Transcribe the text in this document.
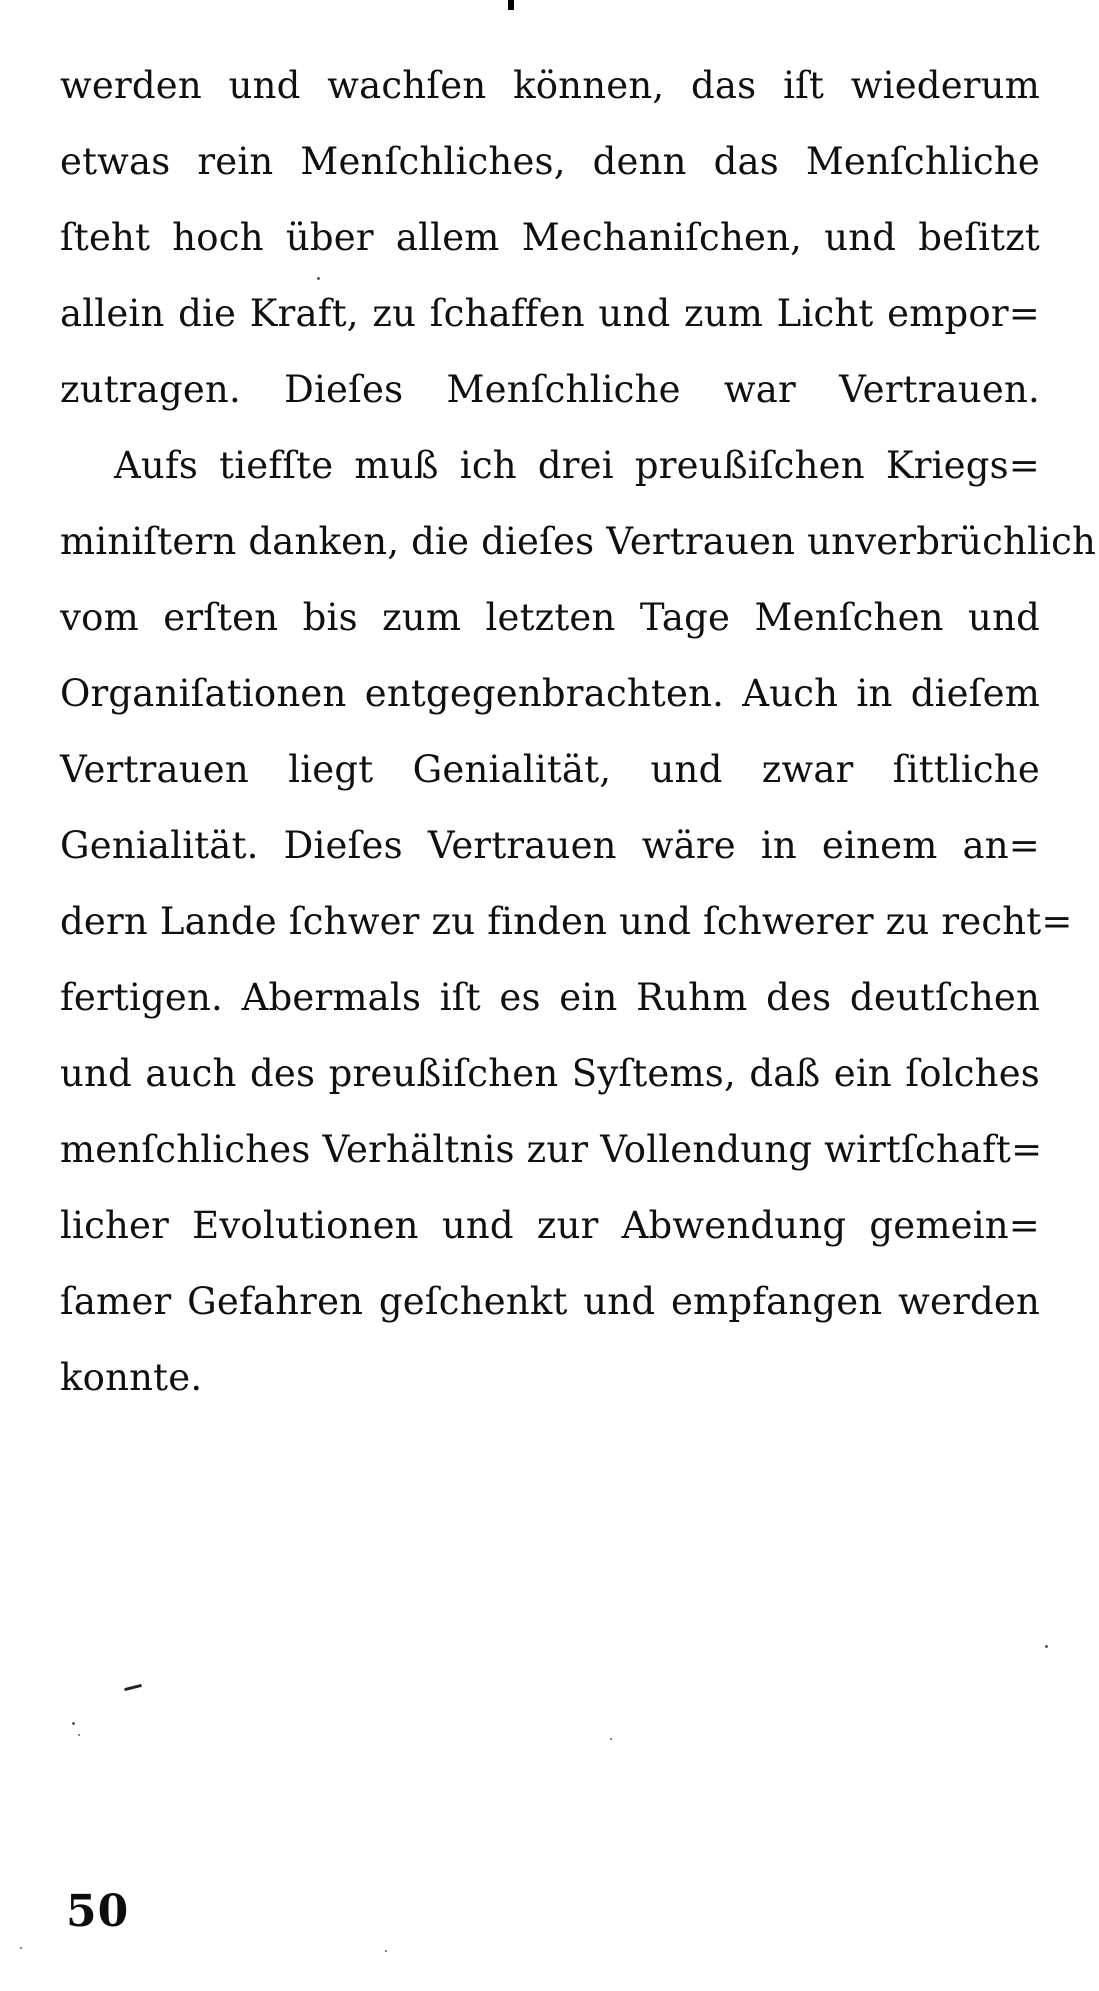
werden und wachſen können, das iſt wiederum
etwas rein Menſchliches, denn das Menſchliche
ſteht hoch über allem Mechaniſchen, und beſitzt
allein die Kraft, zu ſchaffen und zum Licht empor=
zutragen. Dieſes Menſchliche war Vertrauen.
Aufs tiefſte muß ich drei preußiſchen Kriegs=
miniſtern danken, die dieſes Vertrauen unverbrüchlich
vom erſten bis zum letzten Tage Menſchen und
Organiſationen entgegenbrachten. Auch in dieſem
Vertrauen liegt Genialität, und zwar ſittliche
Genialität. Dieſes Vertrauen wäre in einem an=
dern Lande ſchwer zu finden und ſchwerer zu recht=
fertigen. Abermals iſt es ein Ruhm des deutſchen
und auch des preußiſchen Syſtems, daß ein ſolches
menſchliches Verhältnis zur Vollendung wirtſchaft=
licher Evolutionen und zur Abwendung gemein=
ſamer Gefahren geſchenkt und empfangen werden
konnte.
50
